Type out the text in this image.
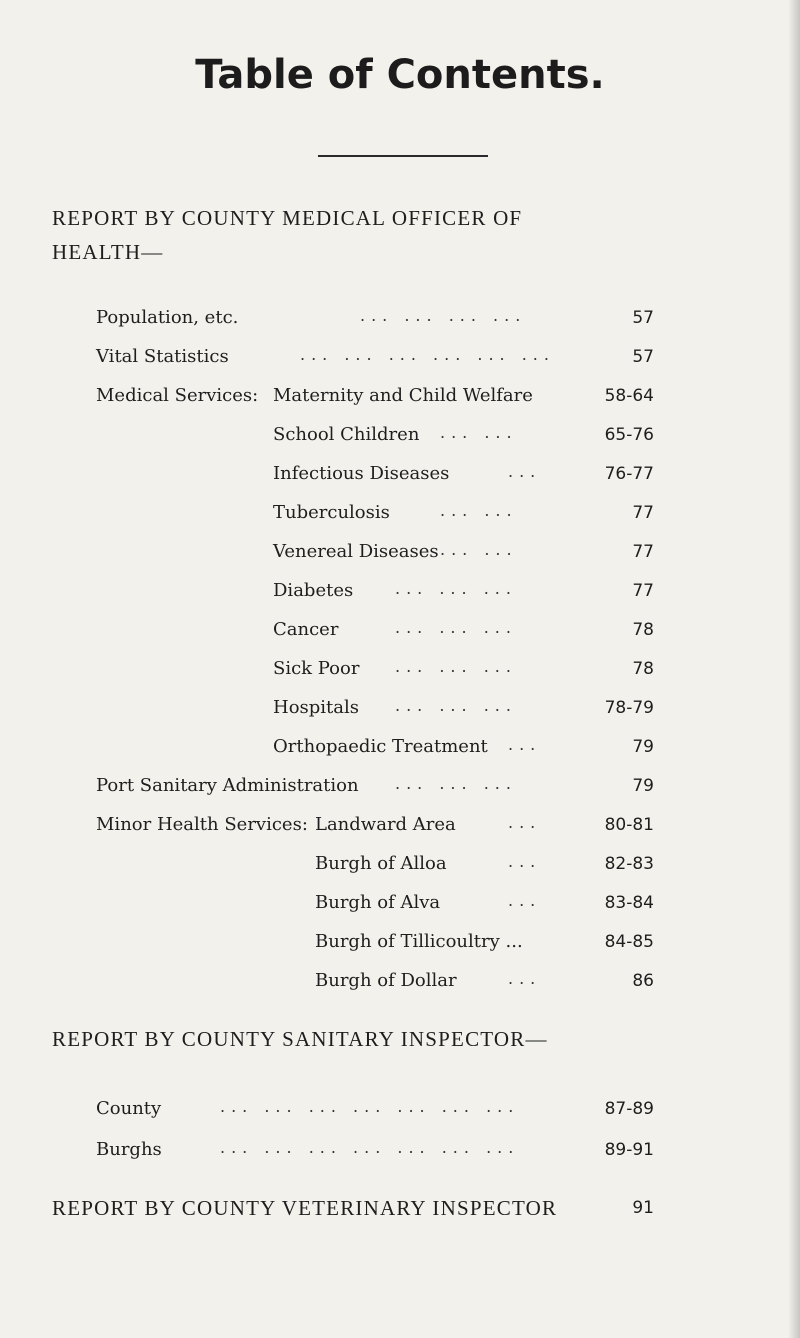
Table of Contents.
REPORT BY COUNTY MEDICAL OFFICER OF
HEALTH—
Population, etc.	... ... ... ...	57
Vital Statistics	... ... ... ... ... ...	57
Medical Services: Maternity and Child Welfare	58-64
School Children ... ...	65-76
Infectious Diseases	...	76-77
Tuberculosis	... ...	77
Venereal Diseases ... ...	77
Diabetes	... ... ...	77
Cancer	... ... ...	78
Sick Poor ... ... ...	78
Hospitals ... ... ...	78-79
Orthopaedic Treatment ...	79
Port Sanitary Administration ... ... ...	79
Minor Health Services: Landward Area	...	80-81
Burgh of Alloa	...	82-83
Burgh of Alva	...	83-84
Burgh of Tillicoultry ...	84-85
Burgh of Dollar	...	86
REPORT BY COUNTY SANITARY INSPECTOR—
County	... ... ... ... ... ... ...	87-89
Burghs	... ... ... ... ... ... ...	89-91
REPORT BY COUNTY VETERINARY INSPECTOR	91
